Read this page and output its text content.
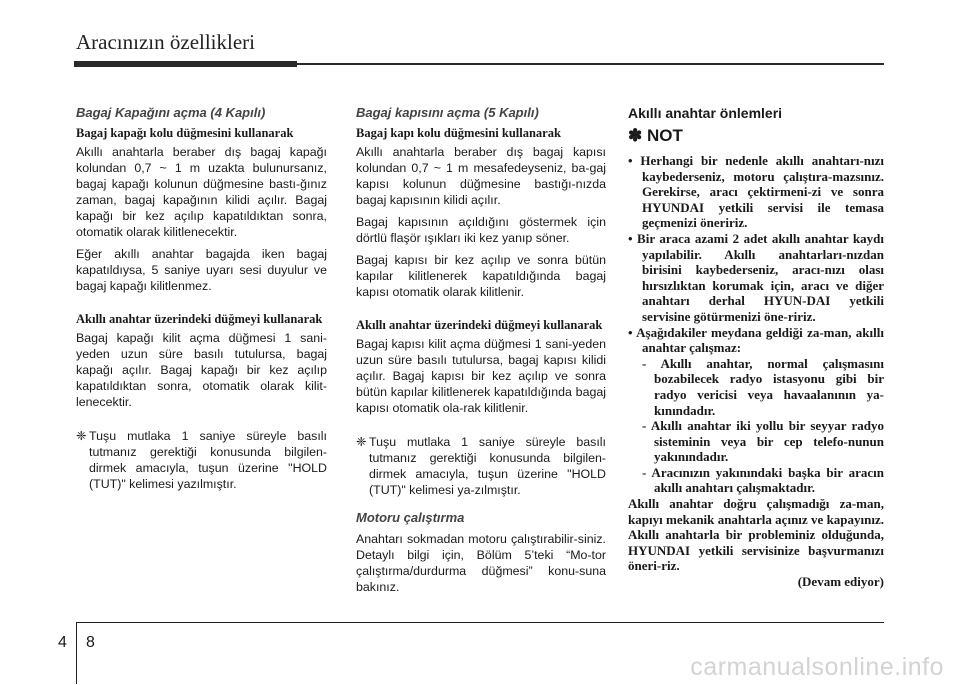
Aracınızın özellikleri
Bagaj Kapağını açma (4 Kapılı)
Bagaj kapağı kolu düğmesini kullanarak

Akıllı anahtarla beraber dış bagaj kapağı kolundan 0,7 ~ 1 m uzakta bulunursanız, bagaj kapağı kolunun düğmesine bastı-ğınız zaman, bagaj kapağının kilidi açılır. Bagaj kapağı bir kez açılıp kapatıldıktan sonra, otomatik olarak kilitlenecektir.

Eğer akıllı anahtar bagajda iken bagaj kapatıldıysa, 5 saniye uyarı sesi duyulur ve bagaj kapağı kilitlenmez.

Akıllı anahtar üzerindeki düğmeyi kullanarak

Bagaj kapağı kilit açma düğmesi 1 sani-yeden uzun süre basılı tutulursa, bagaj kapağı açılır. Bagaj kapağı bir kez açılıp kapatıldıktan sonra, otomatik olarak kilit-lenecektir.

❈ Tuşu mutlaka 1 saniye süreyle basılı tutmanız gerektiği konusunda bilgilen-dirmek amacıyla, tuşun üzerine "HOLD (TUT)" kelimesi yazılmıştır.

Bagaj kapısını açma (5 Kapılı)
Bagaj kapı kolu düğmesini kullanarak

Akıllı anahtarla beraber dış bagaj kapısı kolundan 0,7 ~ 1 m mesafedeyseniz, ba-gaj kapısı kolunun düğmesine bastığı-nızda bagaj kapısının kilidi açılır.

Bagaj kapısının açıldığını göstermek için dörtlü flaşör ışıkları iki kez yanıp söner.

Bagaj kapısı bir kez açılıp ve sonra bütün kapılar kilitlenerek kapatıldığında bagaj kapısı otomatik olarak kilitlenir.

Akıllı anahtar üzerindeki düğmeyi kullanarak

Bagaj kapısı kilit açma düğmesi 1 sani-yeden uzun süre basılı tutulursa, bagaj kapısı kilidi açılır. Bagaj kapısı bir kez açılıp ve sonra bütün kapılar kilitlenerek kapatıldığında bagaj kapısı otomatik ola-rak kilitlenir.

❈ Tuşu mutlaka 1 saniye süreyle basılı tutmanız gerektiği konusunda bilgilen-dirmek amacıyla, tuşun üzerine "HOLD (TUT)" kelimesi ya-zılmıştır.

Motoru çalıştırma

Anahtarı sokmadan motoru çalıştırabilir-siniz. Detaylı bilgi için, Bölüm 5’teki “Mo-tor çalıştırma/durdurma düğmesi” konu-suna bakınız.

Akıllı anahtar önlemleri
✽ NOT

• Herhangi bir nedenle akıllı anahtarı-nızı kaybederseniz, motoru çalıştıra-mazsınız. Gerekirse, aracı çektirmeni-zi ve sonra HYUNDAI yetkili servisi ile temasa geçmenizi öneririz.

• Bir araca azami 2 adet akıllı anahtar kaydı yapılabilir. Akıllı anahtarları-nızdan birisini kaybederseniz, aracı-nızı olası hırsızlıktan korumak için, aracı ve diğer anahtarı derhal HYUN-DAI yetkili servisine götürmenizi öne-ririz.

• Aşağıdakiler meydana geldiği za-man, akıllı anahtar çalışmaz:

- Akıllı anahtar, normal çalışmasını bozabilecek radyo istasyonu gibi bir radyo vericisi veya havaalanının ya-kınındadır.

- Akıllı anahtar iki yollu bir seyyar radyo sisteminin veya bir cep telefo-nunun yakınındadır.

- Aracınızın yakınındaki başka bir aracın akıllı anahtarı çalışmaktadır.

Akıllı anahtar doğru çalışmadığı za-man, kapıyı mekanik anahtarla açınız ve kapayınız. Akıllı anahtarla bir probleminiz olduğunda, HYUNDAI yetkili servisinize başvurmanızı öneri-riz.

(Devam ediyor)

4 8
carmanualsonline.info
